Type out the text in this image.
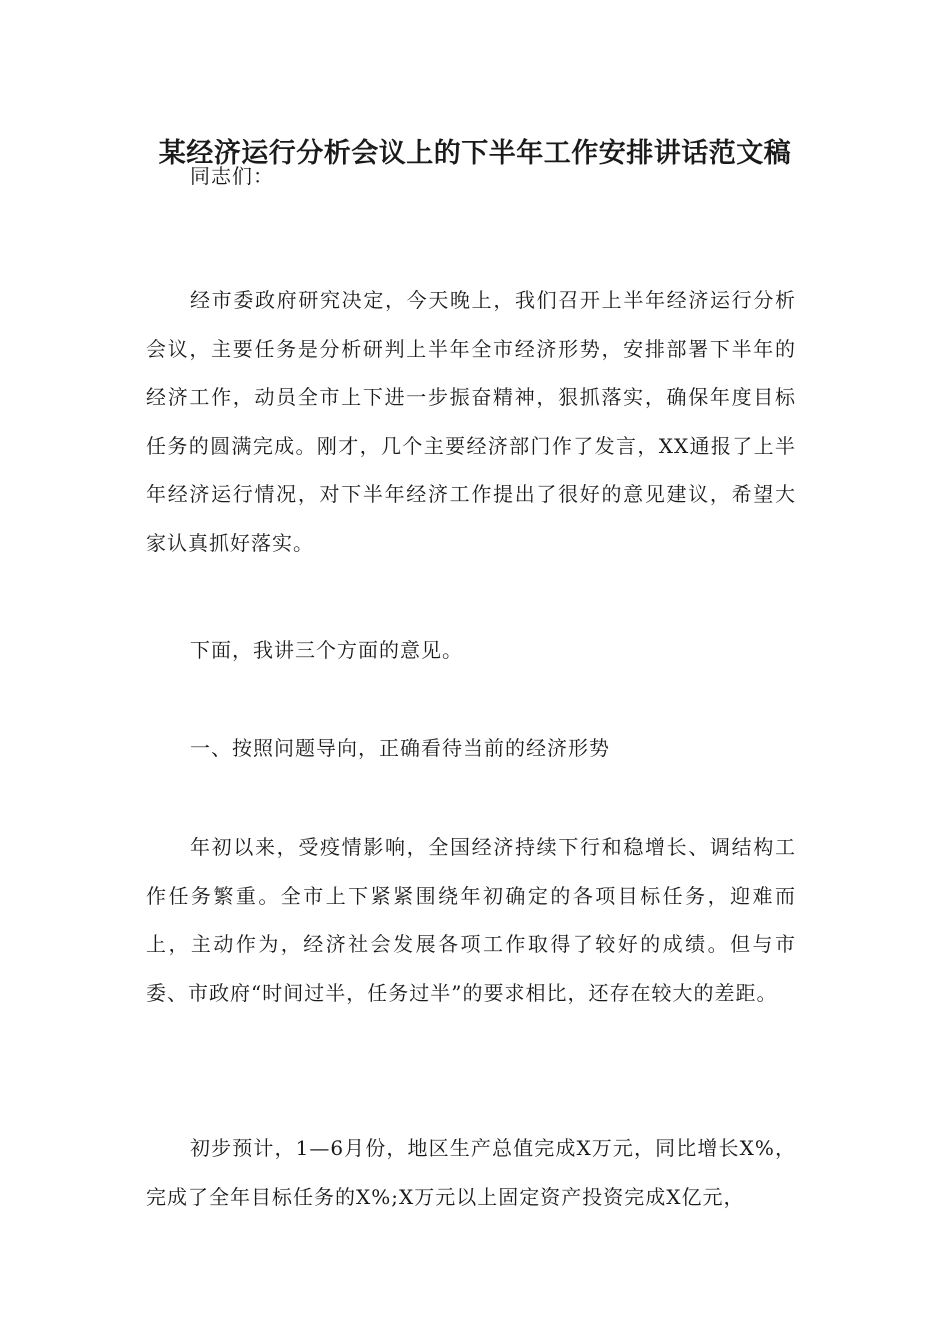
某经济运行分析会议上的下半年工作安排讲话范文稿

同志们：

经市委政府研究决定，今天晚上，我们召开上半年经济运行分析会议，主要任务是分析研判上半年全市经济形势，安排部署下半年的经济工作，动员全市上下进一步振奋精神，狠抓落实，确保年度目标任务的圆满完成。刚才，几个主要经济部门作了发言，XX通报了上半年经济运行情况，对下半年经济工作提出了很好的意见建议，希望大家认真抓好落实。

下面，我讲三个方面的意见。

一、按照问题导向，正确看待当前的经济形势

年初以来，受疫情影响，全国经济持续下行和稳增长、调结构工作任务繁重。全市上下紧紧围绕年初确定的各项目标任务，迎难而上，主动作为，经济社会发展各项工作取得了较好的成绩。但与市委、市政府“时间过半，任务过半”的要求相比，还存在较大的差距。

初步预计，1—6月份，地区生产总值完成X万元，同比增长X%，完成了全年目标任务的X%;X万元以上固定资产投资完成X亿元，
